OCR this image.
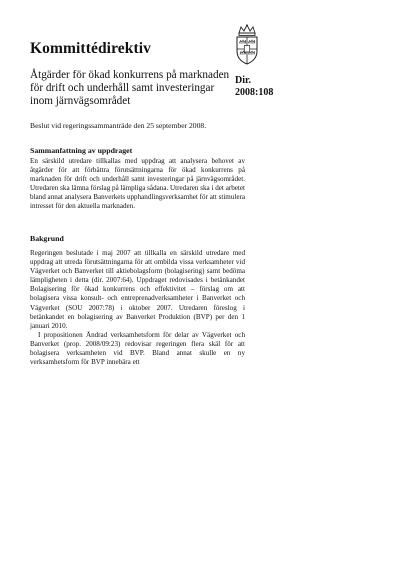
Kommittédirektiv
Åtgärder för ökad konkurrens på marknaden för drift och underhåll samt investeringar inom järnvägsområdet
Dir.
2008:108

Beslut vid regeringssammanträde den 25 september 2008.

Sammanfattning av uppdraget

En särskild utredare tillkallas med uppdrag att analysera behovet av åtgärder för att förbättra förutsättningarna för ökad konkurrens på marknaden för drift och underhåll samt investeringar på järnvägsområdet. Utredaren ska lämna förslag på lämpliga sådana. Utredaren ska i det arbetet bland annat analysera Banverkets upphandlingsverksamhet för att stimulera intresset för den aktuella marknaden.

Bakgrund

Regeringen beslutade i maj 2007 att tillkalla en särskild utredare med uppdrag att utreda förutsättningarna för att ombilda vissa verksamheter vid Vägverket och Banverket till aktiebolagsform (bolagisering) samt bedöma lämpligheten i detta (dir. 2007:64). Uppdraget redovisades i betänkandet Bolagisering för ökad konkurrens och effektivitet – förslag om att bolagisera vissa konsult- och entreprenadverksamheter i Banverket och Vägverket (SOU 2007:78) i oktober 2007. Utredaren föreslog i betänkandet en bolagisering av Banverket Produktion (BVP) per den 1 januari 2010.

I propositionen Ändrad verksamhetsform för delar av Vägverket och Banverket (prop. 2008/09:23) redovisar regeringen flera skäl för att bolagisera verksamheten vid BVP. Bland annat skulle en ny verksamhetsform för BVP innebära ett
